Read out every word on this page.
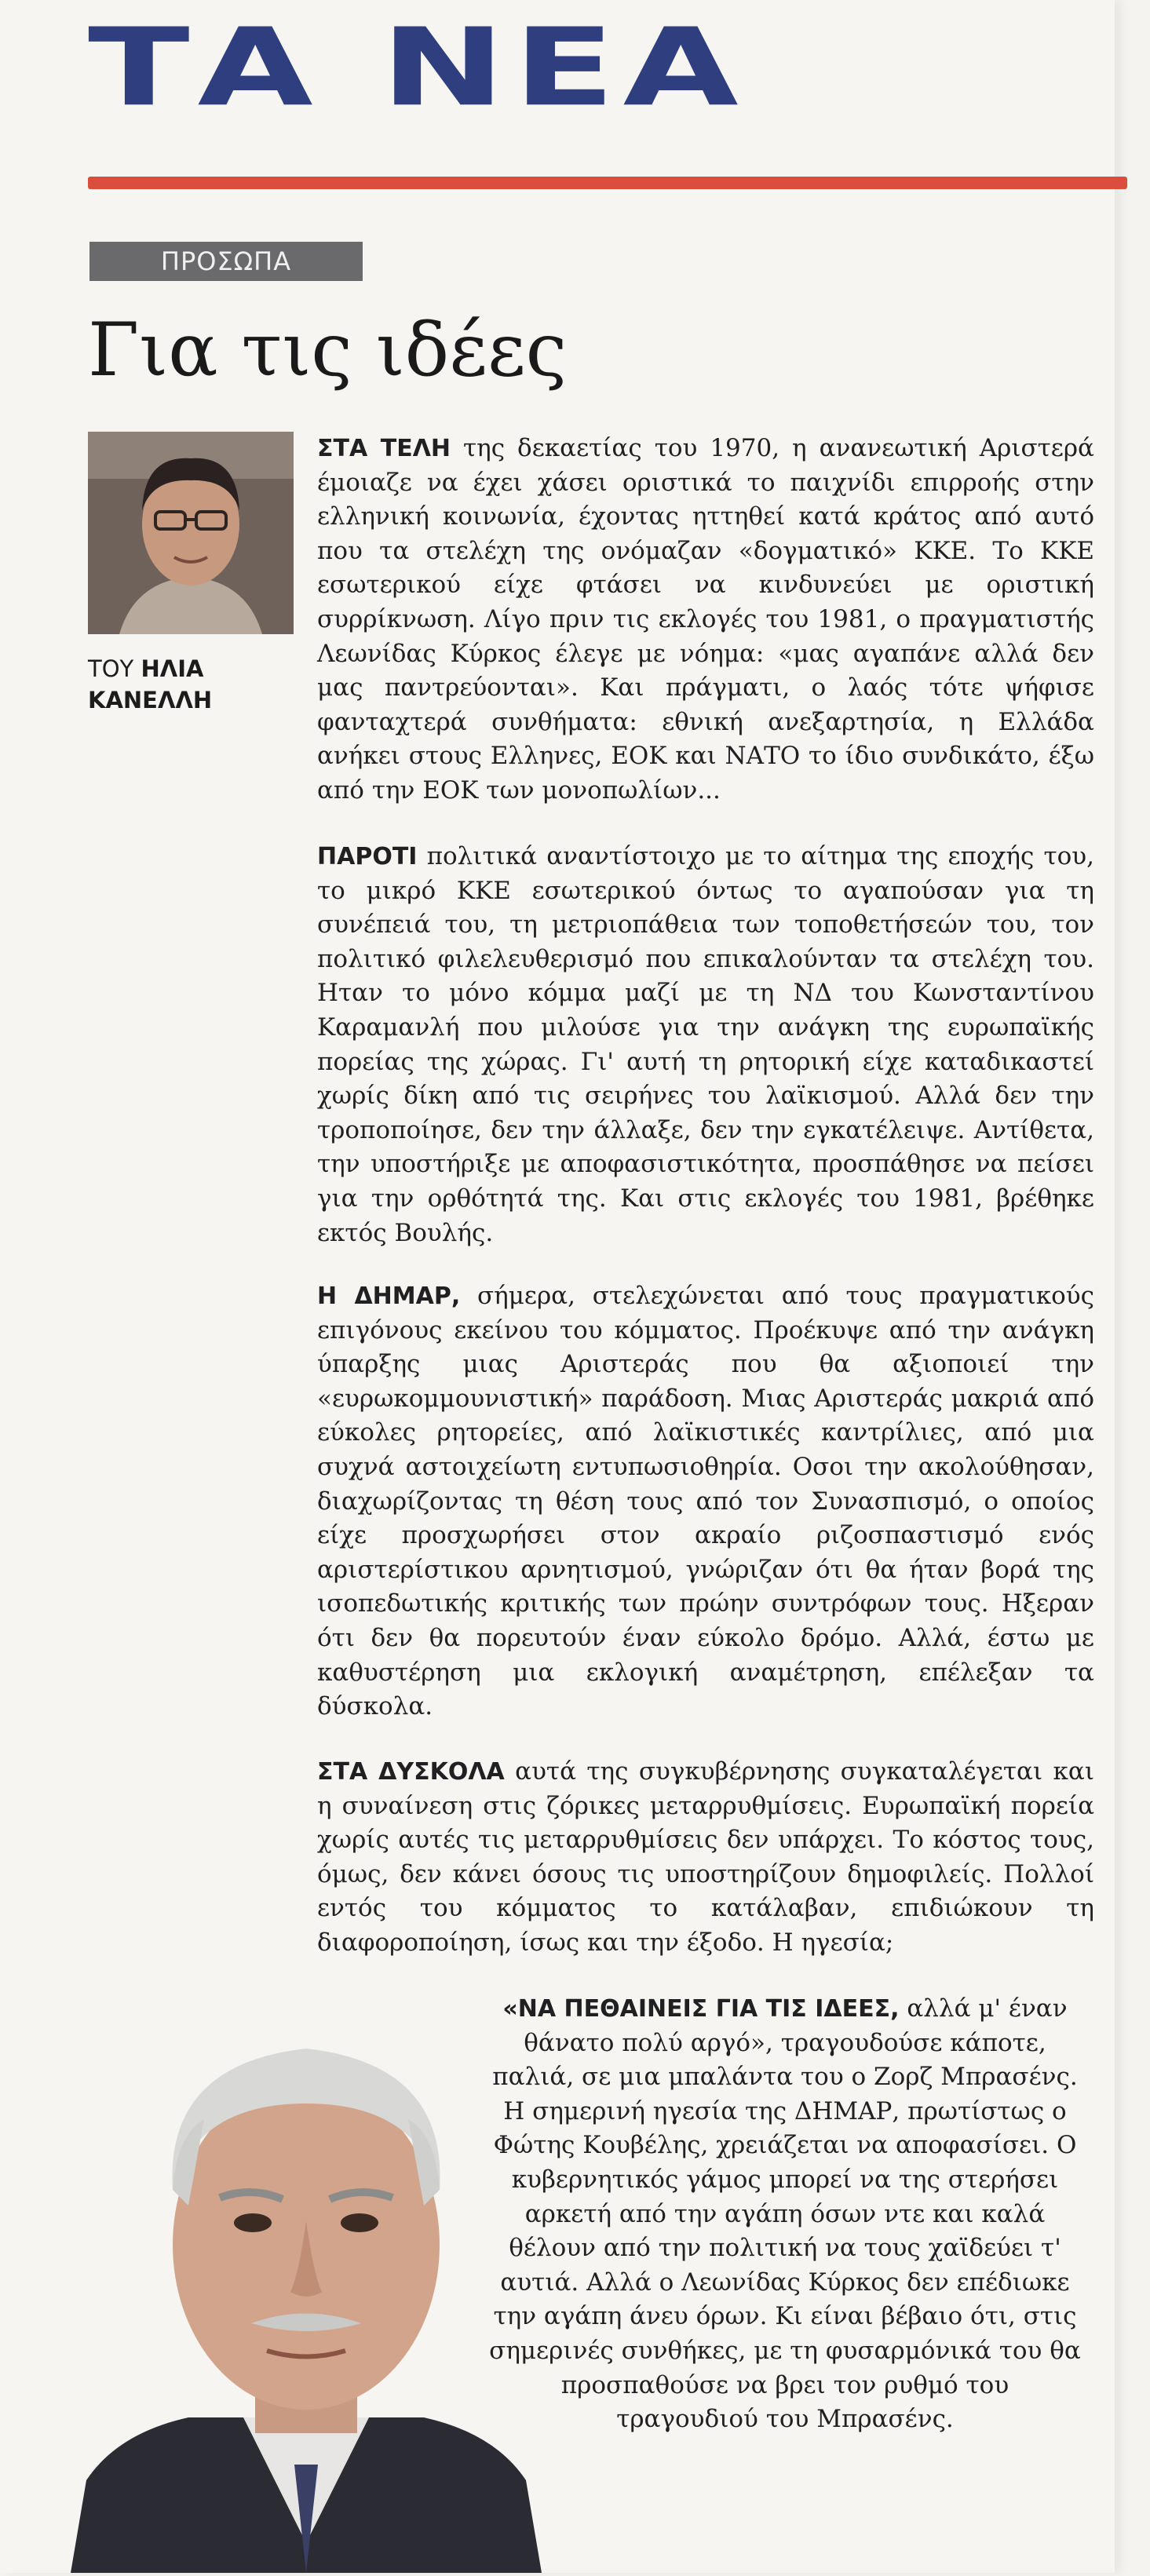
ΤΑ ΝΕΑ
ΠΡΟΣΩΠΑ
Για τις ιδέες
ΤΟΥ ΗΛΙΑ
ΚΑΝΕΛΛΗ

ΣΤΑ ΤΕΛΗ της δεκαετίας του 1970, η ανανεωτική Αριστερά έμοιαζε να έχει χάσει οριστικά το παιχνίδι επιρροής στην ελληνική κοινωνία, έχοντας ηττηθεί κατά κράτος από αυτό που τα στελέχη της ονόμαζαν «δογματικό» ΚΚΕ. Το ΚΚΕ εσωτερικού είχε φτάσει να κινδυνεύει με οριστική συρρίκνωση. Λίγο πριν τις εκλογές του 1981, ο πραγματιστής Λεωνίδας Κύρκος έλεγε με νόημα: «μας αγαπάνε αλλά δεν μας παντρεύονται». Και πράγματι, ο λαός τότε ψήφισε φανταχτερά συνθήματα: εθνική ανεξαρτησία, η Ελλάδα ανήκει στους Ελληνες, ΕΟΚ και ΝΑΤΟ το ίδιο συνδικάτο, έξω από την ΕΟΚ των μονοπωλίων...

ΠΑΡΟΤΙ πολιτικά αναντίστοιχο με το αίτημα της εποχής του, το μικρό ΚΚΕ εσωτερικού όντως το αγαπούσαν για τη συνέπειά του, τη μετριοπάθεια των τοποθετήσεών του, τον πολιτικό φιλελευθερισμό που επικαλούνταν τα στελέχη του. Ηταν το μόνο κόμμα μαζί με τη ΝΔ του Κωνσταντίνου Καραμανλή που μιλούσε για την ανάγκη της ευρωπαϊκής πορείας της χώρας. Γι' αυτή τη ρητορική είχε καταδικαστεί χωρίς δίκη από τις σειρήνες του λαϊκισμού. Αλλά δεν την τροποποίησε, δεν την άλλαξε, δεν την εγκατέλειψε. Αντίθετα, την υποστήριξε με αποφασιστικότητα, προσπάθησε να πείσει για την ορθότητά της. Και στις εκλογές του 1981, βρέθηκε εκτός Βουλής.

Η ΔΗΜΑΡ, σήμερα, στελεχώνεται από τους πραγματικούς επιγόνους εκείνου του κόμματος. Προέκυψε από την ανάγκη ύπαρξης μιας Αριστεράς που θα αξιοποιεί την «ευρωκομμουνιστική» παράδοση. Μιας Αριστεράς μακριά από εύκολες ρητορείες, από λαϊκιστικές καντρίλιες, από μια συχνά αστοιχείωτη εντυπωσιοθηρία. Οσοι την ακολούθησαν, διαχωρίζοντας τη θέση τους από τον Συνασπισμό, ο οποίος είχε προσχωρήσει στον ακραίο ριζοσπαστισμό ενός αριστερίστικου αρνητισμού, γνώριζαν ότι θα ήταν βορά της ισοπεδωτικής κριτικής των πρώην συντρόφων τους. Ηξεραν ότι δεν θα πορευτούν έναν εύκολο δρόμο. Αλλά, έστω με καθυστέρηση μια εκλογική αναμέτρηση, επέλεξαν τα δύσκολα.

ΣΤΑ ΔΥΣΚΟΛΑ αυτά της συγκυβέρνησης συγκαταλέγεται και η συναίνεση στις ζόρικες μεταρρυθμίσεις. Ευρωπαϊκή πορεία χωρίς αυτές τις μεταρρυθμίσεις δεν υπάρχει. Το κόστος τους, όμως, δεν κάνει όσους τις υποστηρίζουν δημοφιλείς. Πολλοί εντός του κόμματος το κατάλαβαν, επιδιώκουν τη διαφοροποίηση, ίσως και την έξοδο. Η ηγεσία;

«ΝΑ ΠΕΘΑΙΝΕΙΣ ΓΙΑ ΤΙΣ ΙΔΕΕΣ, αλλά μ' έναν θάνατο πολύ αργό», τραγουδούσε κάποτε, παλιά, σε μια μπαλάντα του ο Ζορζ Μπρασένς. Η σημερινή ηγεσία της ΔΗΜΑΡ, πρωτίστως ο Φώτης Κουβέλης, χρειάζεται να αποφασίσει. Ο κυβερνητικός γάμος μπορεί να της στερήσει αρκετή από την αγάπη όσων ντε και καλά θέλουν από την πολιτική να τους χαϊδεύει τ' αυτιά. Αλλά ο Λεωνίδας Κύρκος δεν επέδιωκε την αγάπη άνευ όρων. Κι είναι βέβαιο ότι, στις σημερινές συνθήκες, με τη φυσαρμόνικά του θα προσπαθούσε να βρει τον ρυθμό του τραγουδιού του Μπρασένς.
